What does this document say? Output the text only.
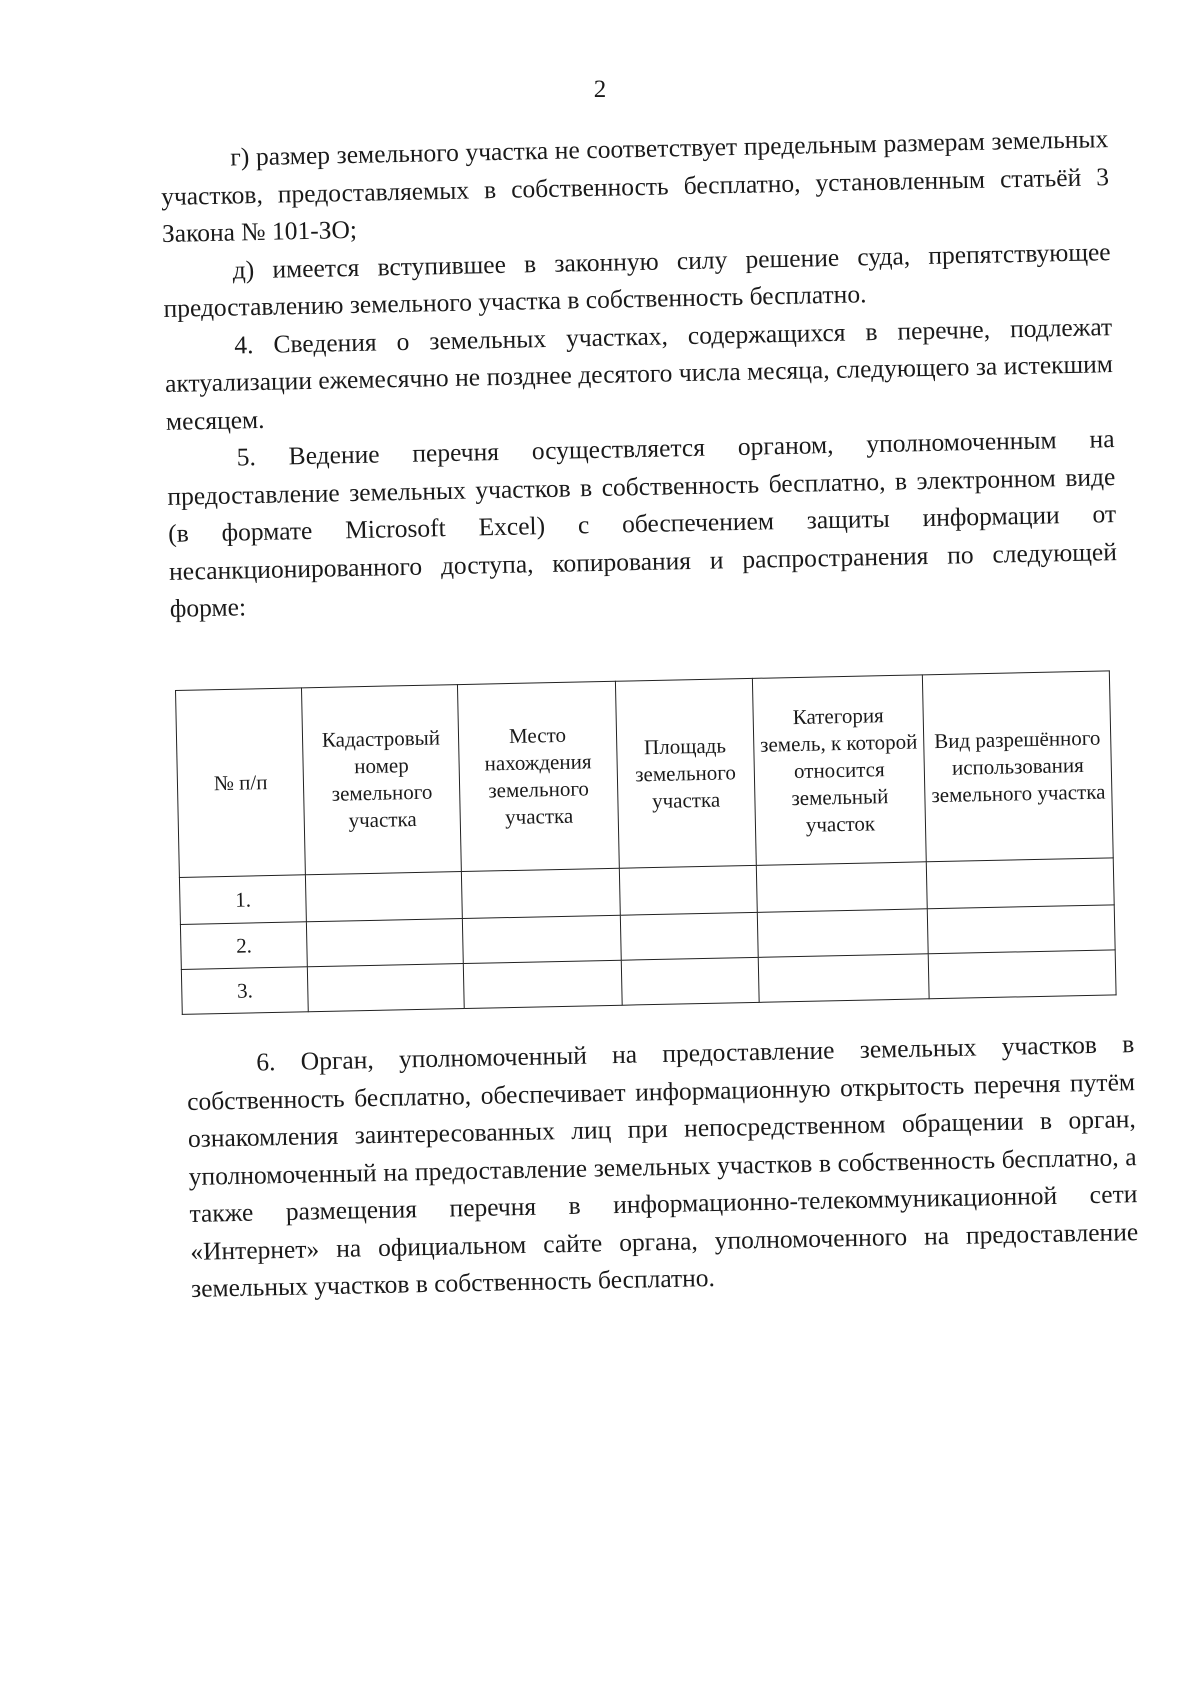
2

г) размер земельного участка не соответствует предельным размерам земельных участков, предоставляемых в собственность бесплатно, установленным статьёй 3 Закона № 101-ЗО;

д) имеется вступившее в законную силу решение суда, препятствующее предоставлению земельного участка в собственность бесплатно.

4. Сведения о земельных участках, содержащихся в перечне, подлежат актуализации ежемесячно не позднее десятого числа месяца, следующего за истекшим месяцем.

5. Ведение перечня осуществляется органом, уполномоченным на предоставление земельных участков в собственность бесплатно, в электронном виде (в формате Microsoft Excel) с обеспечением защиты информации от несанкционированного доступа, копирования и распространения по следующей форме:

№ п/п	Кадастровый номер земельного участка	Место нахождения земельного участка	Площадь земельного участка	Категория земель, к которой относится земельный участок	Вид разрешённого использования земельного участка
1.					
2.					
3.					

6. Орган, уполномоченный на предоставление земельных участков в собственность бесплатно, обеспечивает информационную открытость перечня путём ознакомления заинтересованных лиц при непосредственном обращении в орган, уполномоченный на предоставление земельных участков в собственность бесплатно, а также размещения перечня в информационно-телекоммуникационной сети «Интернет» на официальном сайте органа, уполномоченного на предоставление земельных участков в собственность бесплатно.
